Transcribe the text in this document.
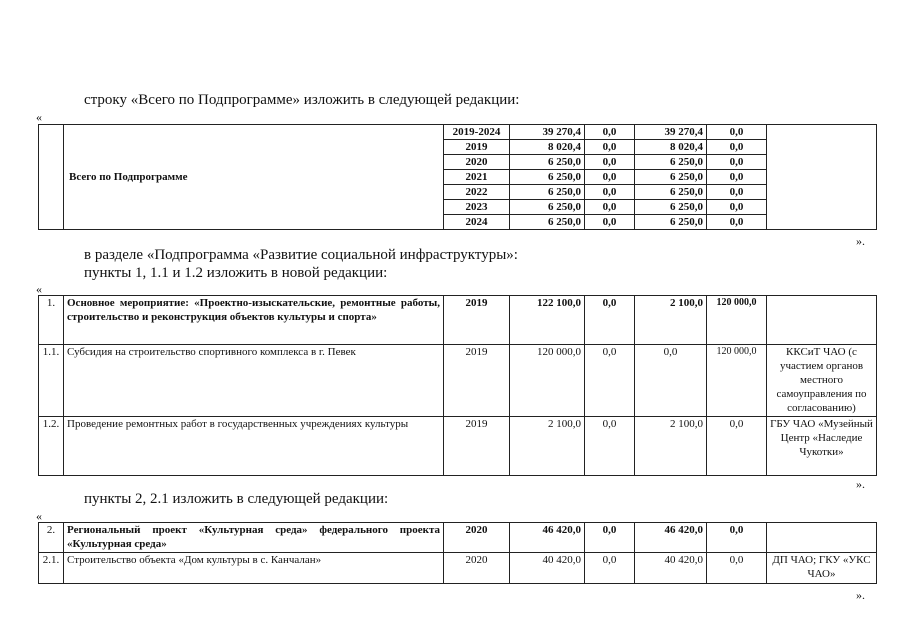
строку «Всего по Подпрограмме» изложить в следующей редакции:
«
	Всего по Подпрограмме	2019-2024	39 270,4	0,0	39 270,4	0,0	
		2019	8 020,4	0,0	8 020,4	0,0	
		2020	6 250,0	0,0	6 250,0	0,0	
		2021	6 250,0	0,0	6 250,0	0,0	
		2022	6 250,0	0,0	6 250,0	0,0	
		2023	6 250,0	0,0	6 250,0	0,0	
		2024	6 250,0	0,0	6 250,0	0,0	
».
в разделе «Подпрограмма «Развитие социальной инфраструктуры»:
пункты 1, 1.1 и 1.2 изложить в новой редакции:
«
1.	Основное мероприятие: «Проектно-изыскательские, ремонтные работы, строительство и реконструкция объектов культуры и спорта»	2019	122 100,0	0,0	2 100,0	120 000,0	
1.1.	Субсидия на строительство спортивного комплекса в г. Певек	2019	120 000,0	0,0	0,0	120 000,0	ККСиТ ЧАО (с участием органов местного самоуправления по согласованию)
1.2.	Проведение ремонтных работ в государственных учреждениях культуры	2019	2 100,0	0,0	2 100,0	0,0	ГБУ ЧАО «Музейный Центр «Наследие Чукотки»
».
пункты 2, 2.1 изложить в следующей редакции:
«
2.	Региональный проект «Культурная среда» федерального проекта «Культурная среда»	2020	46 420,0	0,0	46 420,0	0,0	
2.1.	Строительство объекта «Дом культуры в с. Канчалан»	2020	40 420,0	0,0	40 420,0	0,0	ДП ЧАО; ГКУ «УКС ЧАО»
».
